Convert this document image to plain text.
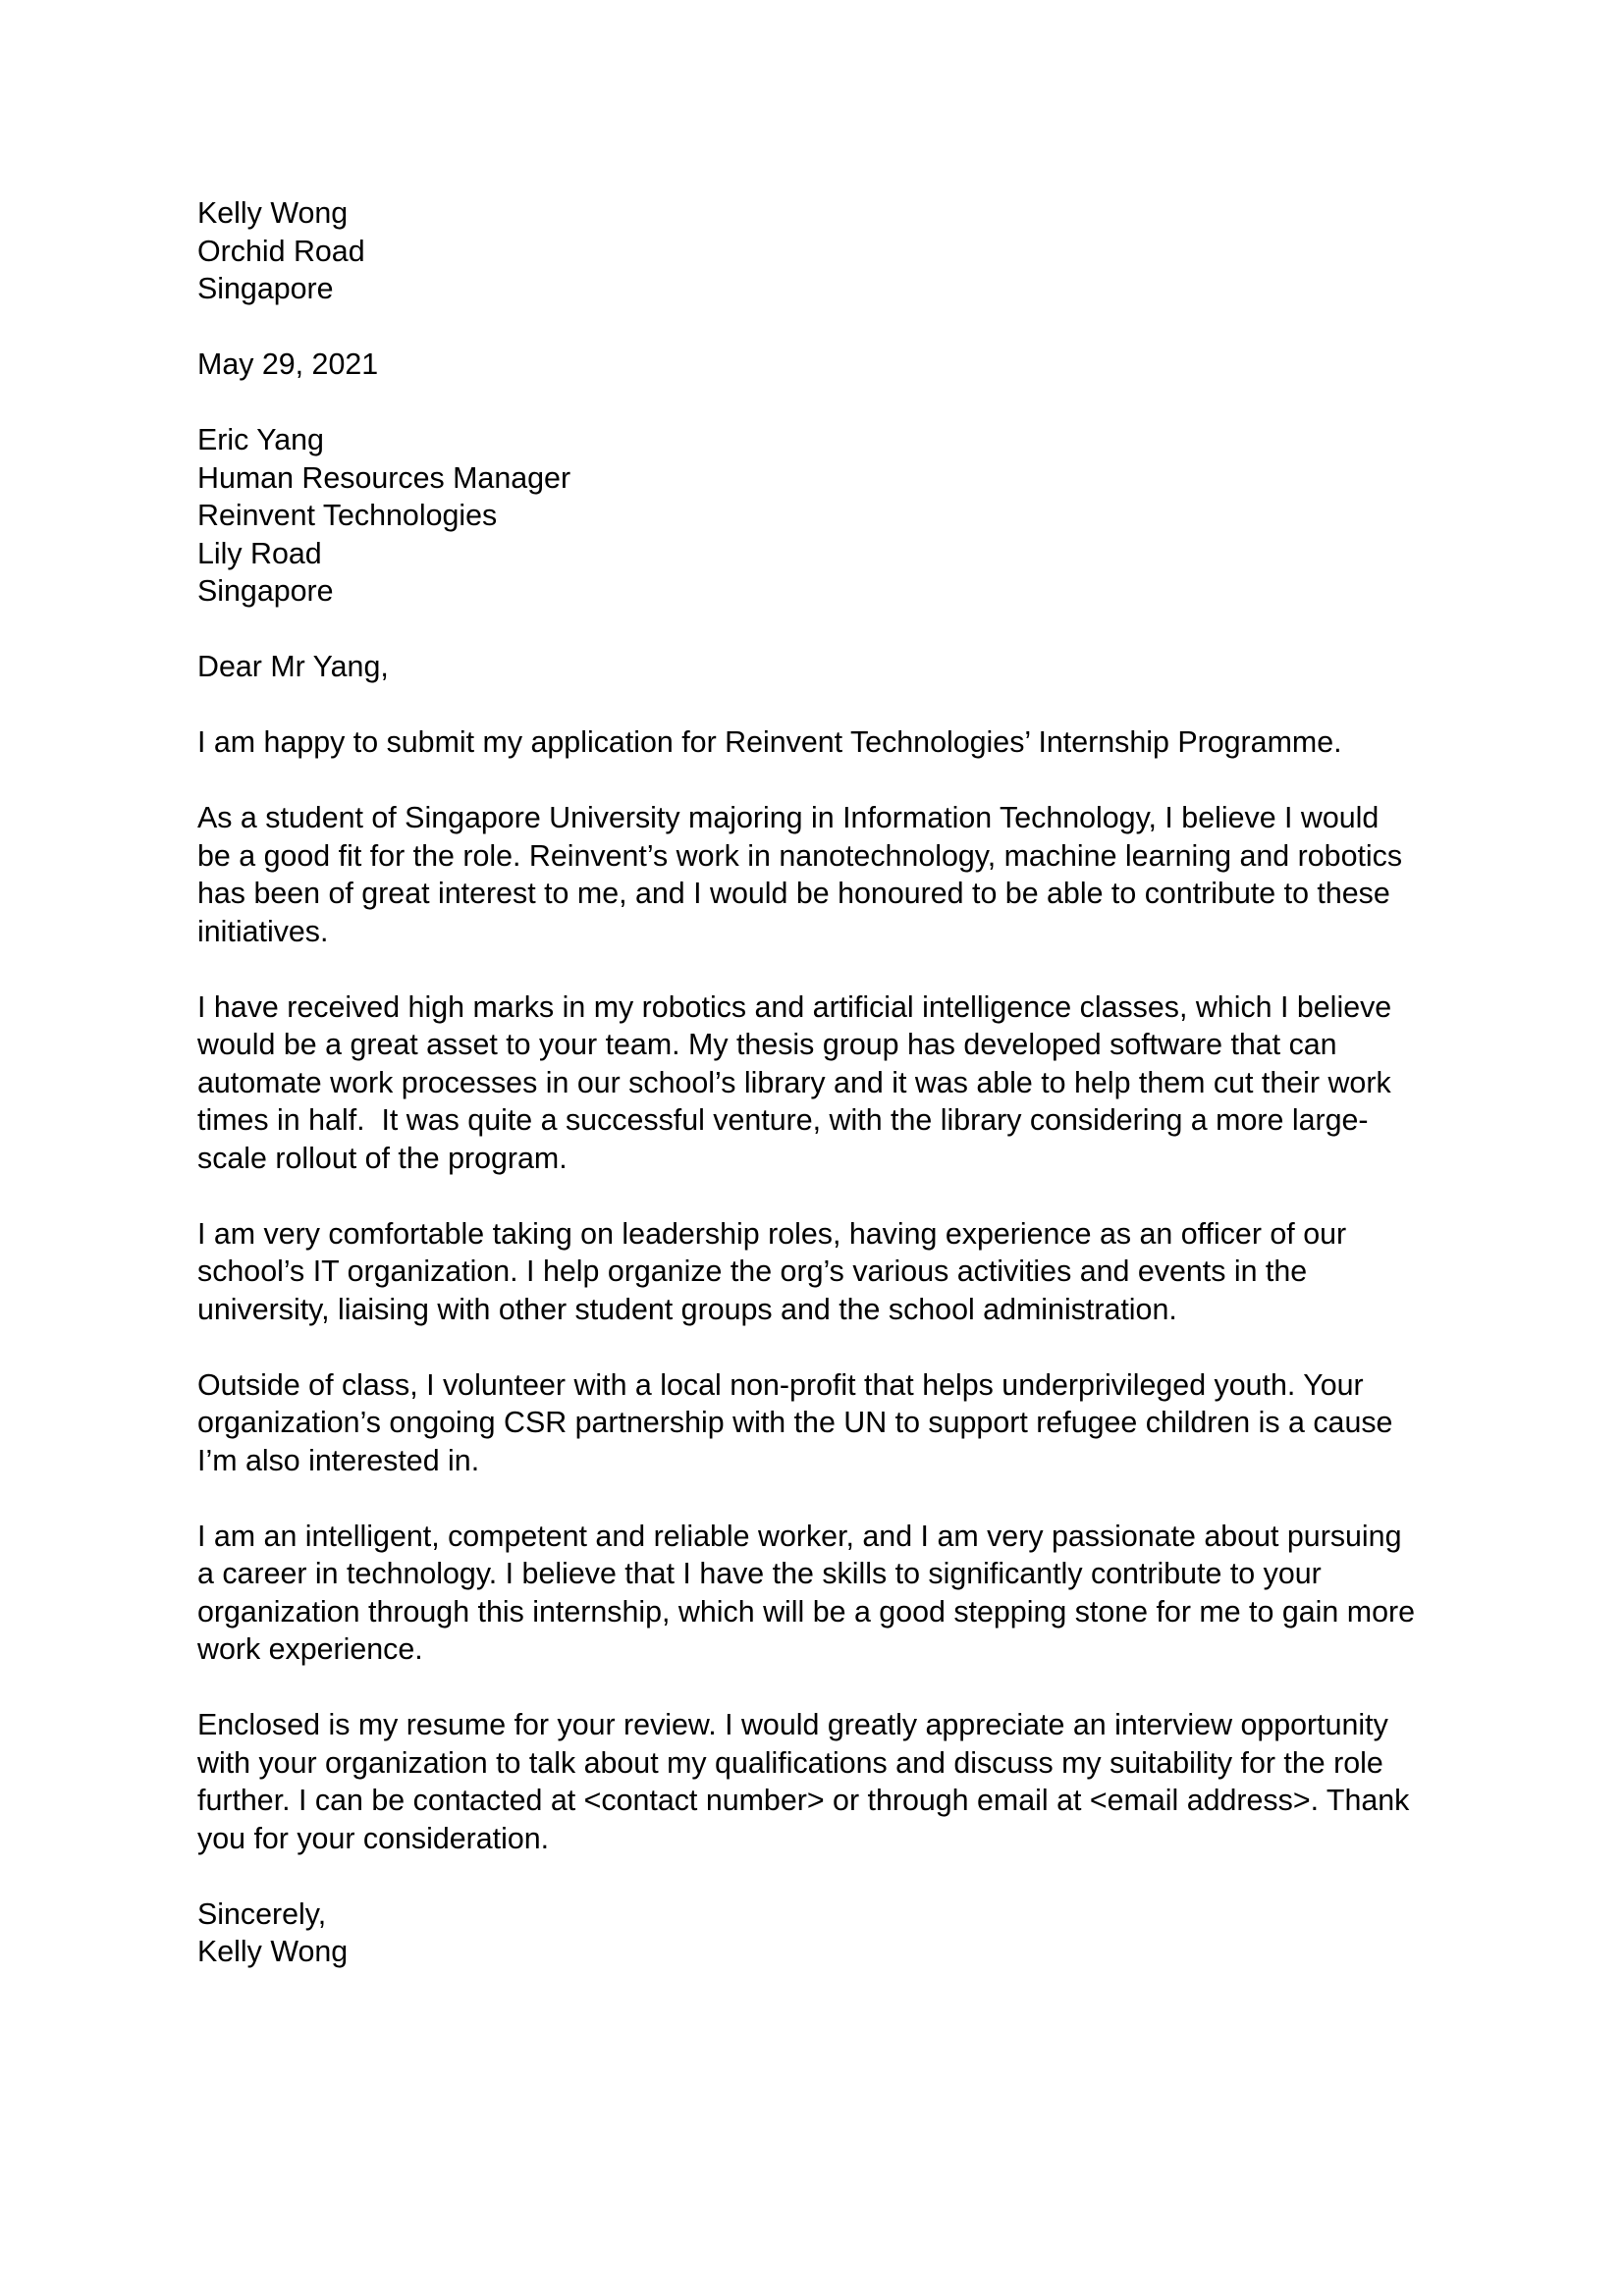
Kelly Wong
Orchid Road
Singapore
May 29, 2021
Eric Yang
Human Resources Manager
Reinvent Technologies
Lily Road
Singapore
Dear Mr Yang,
I am happy to submit my application for Reinvent Technologies’ Internship Programme.
As a student of Singapore University majoring in Information Technology, I believe I would
be a good fit for the role. Reinvent’s work in nanotechnology, machine learning and robotics
has been of great interest to me, and I would be honoured to be able to contribute to these
initiatives.
I have received high marks in my robotics and artificial intelligence classes, which I believe
would be a great asset to your team. My thesis group has developed software that can
automate work processes in our school’s library and it was able to help them cut their work
times in half.  It was quite a successful venture, with the library considering a more large-
scale rollout of the program.
I am very comfortable taking on leadership roles, having experience as an officer of our
school’s IT organization. I help organize the org’s various activities and events in the
university, liaising with other student groups and the school administration.
Outside of class, I volunteer with a local non-profit that helps underprivileged youth. Your
organization’s ongoing CSR partnership with the UN to support refugee children is a cause
I’m also interested in.
I am an intelligent, competent and reliable worker, and I am very passionate about pursuing
a career in technology. I believe that I have the skills to significantly contribute to your
organization through this internship, which will be a good stepping stone for me to gain more
work experience.
Enclosed is my resume for your review. I would greatly appreciate an interview opportunity
with your organization to talk about my qualifications and discuss my suitability for the role
further. I can be contacted at <contact number> or through email at <email address>. Thank
you for your consideration.
Sincerely,
Kelly Wong
